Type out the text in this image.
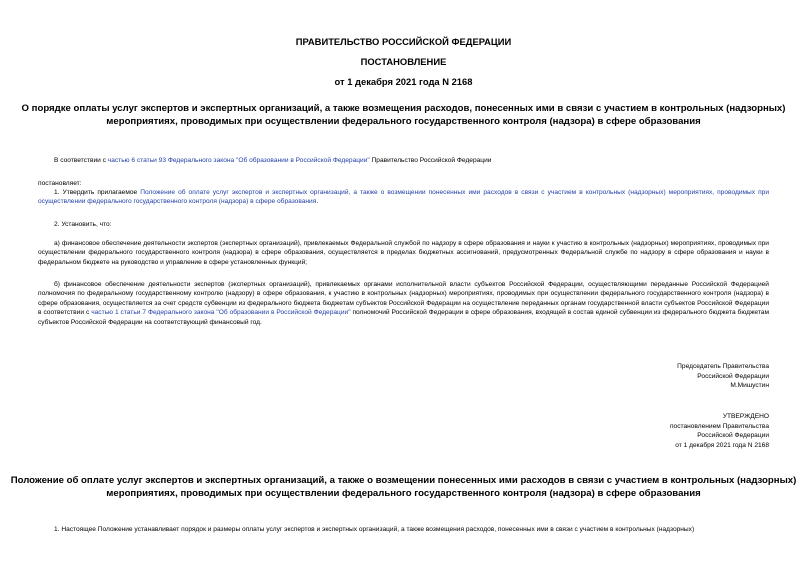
ПРАВИТЕЛЬСТВО РОССИЙСКОЙ ФЕДЕРАЦИИ
ПОСТАНОВЛЕНИЕ
от 1 декабря 2021 года N 2168
О порядке оплаты услуг экспертов и экспертных организаций, а также возмещения расходов, понесенных ими в связи с участием в контрольных (надзорных)
мероприятиях, проводимых при осуществлении федерального государственного контроля (надзора) в сфере образования
В соответствии с частью 6 статьи 93 Федерального закона "Об образовании в Российской Федерации" Правительство Российской Федерации
постановляет:
1. Утвердить прилагаемое Положение об оплате услуг экспертов и экспертных организаций, а также о возмещении понесенных ими расходов в связи с участием в контрольных (надзорных) мероприятиях, проводимых при осуществлении федерального государственного контроля (надзора) в сфере образования.
2. Установить, что:
а) финансовое обеспечение деятельности экспертов (экспертных организаций), привлекаемых Федеральной службой по надзору в сфере образования и науки к участию в контрольных (надзорных) мероприятиях, проводимых при осуществлении федерального государственного контроля (надзора) в сфере образования, осуществляется в пределах бюджетных ассигнований, предусмотренных Федеральной службе по надзору в сфере образования и науки в федеральном бюджете на руководство и управление в сфере установленных функций;
б) финансовое обеспечение деятельности экспертов (экспертных организаций), привлекаемых органами исполнительной власти субъектов Российской Федерации, осуществляющими переданные Российской Федерацией полномочия по федеральному государственному контролю (надзору) в сфере образования, к участию в контрольных (надзорных) мероприятиях, проводимых при осуществлении федерального государственного контроля (надзора) в сфере образования, осуществляется за счет средств субвенции из федерального бюджета бюджетам субъектов Российской Федерации на осуществление переданных органам государственной власти субъектов Российской Федерации в соответствии с частью 1 статьи 7 Федерального закона "Об образовании в Российской Федерации" полномочий Российской Федерации в сфере образования, входящей в состав единой субвенции из федерального бюджета бюджетам субъектов Российской Федерации на соответствующий финансовый год.
Председатель Правительства
Российской Федерации
М.Мишустин
УТВЕРЖДЕНО
постановлением Правительства
Российской Федерации
от 1 декабря 2021 года N 2168
Положение об оплате услуг экспертов и экспертных организаций, а также о возмещении понесенных ими расходов в связи с участием в контрольных (надзорных)
мероприятиях, проводимых при осуществлении федерального государственного контроля (надзора) в сфере образования
1. Настоящее Положение устанавливает порядок и размеры оплаты услуг экспертов и экспертных организаций, а также возмещения расходов, понесенных ими в связи с участием в контрольных (надзорных)
